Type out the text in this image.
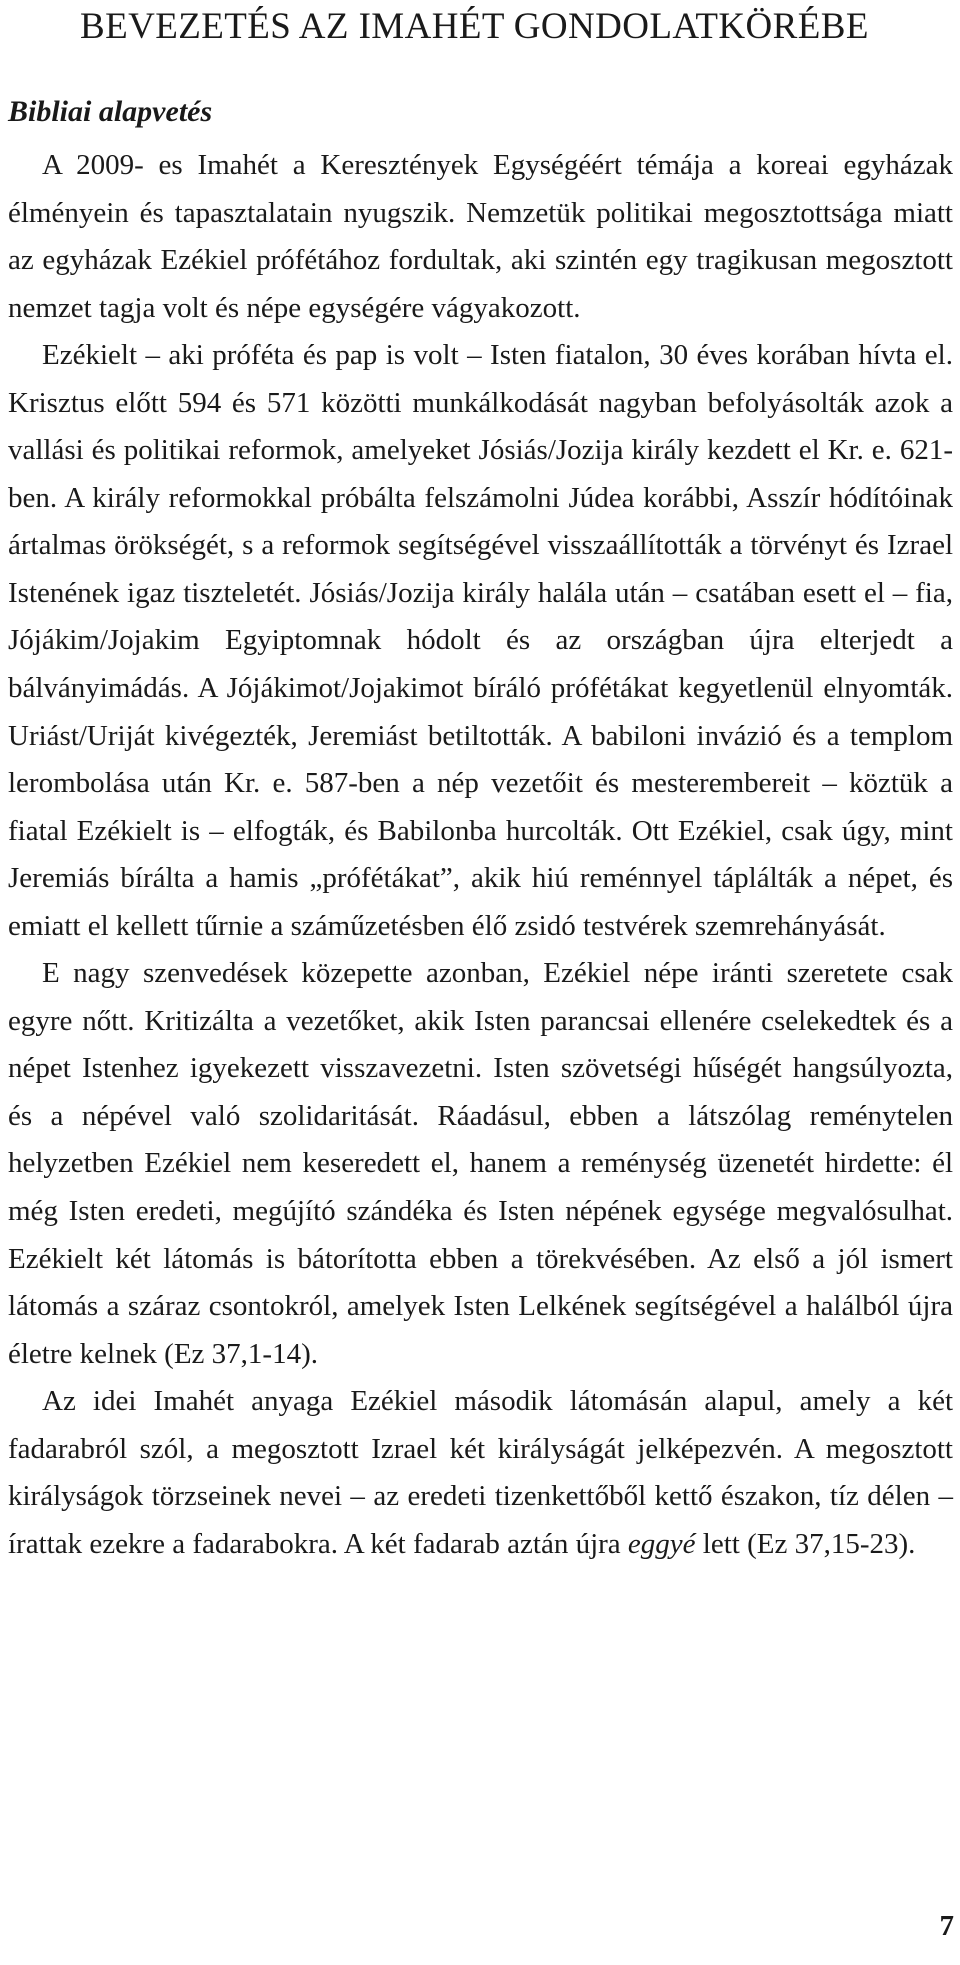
BEVEZETÉS AZ IMAHÉT GONDOLATKÖRÉBE
Bibliai alapvetés

A 2009- es Imahét a Keresztények Egységéért témája a koreai egyházak élményein és tapasztalatain nyugszik. Nemzetük politikai megosztottsága miatt az egyházak Ezékiel prófétához fordultak, aki szintén egy tragikusan megosztott nemzet tagja volt és népe egységére vágyakozott.

Ezékielt – aki próféta és pap is volt – Isten fiatalon, 30 éves korában hívta el. Krisztus előtt 594 és 571 közötti munkálkodását nagyban befolyásolták azok a vallási és politikai reformok, amelyeket Jósiás/Jozija király kezdett el Kr. e. 621-ben. A király reformokkal próbálta felszámolni Júdea korábbi, Asszír hódítóinak ártalmas örökségét, s a reformok segítségével visszaállították a törvényt és Izrael Istenének igaz tiszteletét. Jósiás/Jozija király halála után – csatában esett el – fia, Jójákim/Jojakim Egyiptomnak hódolt és az országban újra elterjedt a bálványimádás. A Jójákimot/Jojakimot bíráló prófétákat kegyetlenül elnyomták. Uriást/Uriját kivégezték, Jeremiást betiltották. A babiloni invázió és a templom lerombolása után Kr. e. 587-ben a nép vezetőit és mesterembereit – köztük a fiatal Ezékielt is – elfogták, és Babilonba hurcolták. Ott Ezékiel, csak úgy, mint Jeremiás bírálta a hamis „prófétákat”, akik hiú reménnyel táplálták a népet, és emiatt el kellett tűrnie a száműzetésben élő zsidó testvérek szemrehányását.

E nagy szenvedések közepette azonban, Ezékiel népe iránti szeretete csak egyre nőtt. Kritizálta a vezetőket, akik Isten parancsai ellenére cselekedtek és a népet Istenhez igyekezett visszavezetni. Isten szövetségi hűségét hangsúlyozta, és a népével való szolidaritását. Ráadásul, ebben a látszólag reménytelen helyzetben Ezékiel nem keseredett el, hanem a reménység üzenetét hirdette: él még Isten eredeti, megújító szándéka és Isten népének egysége megvalósulhat. Ezékielt két látomás is bátorította ebben a törekvésében. Az első a jól ismert látomás a száraz csontokról, amelyek Isten Lelkének segítségével a halálból újra életre kelnek (Ez 37,1-14).

Az idei Imahét anyaga Ezékiel második látomásán alapul, amely a két fadarabról szól, a megosztott Izrael két királyságát jelképezvén. A megosztott királyságok törzseinek nevei – az eredeti tizenkettőből kettő északon, tíz délen – írattak ezekre a fadarabokra. A két fadarab aztán újra eggyé lett (Ez 37,15-23).

7
